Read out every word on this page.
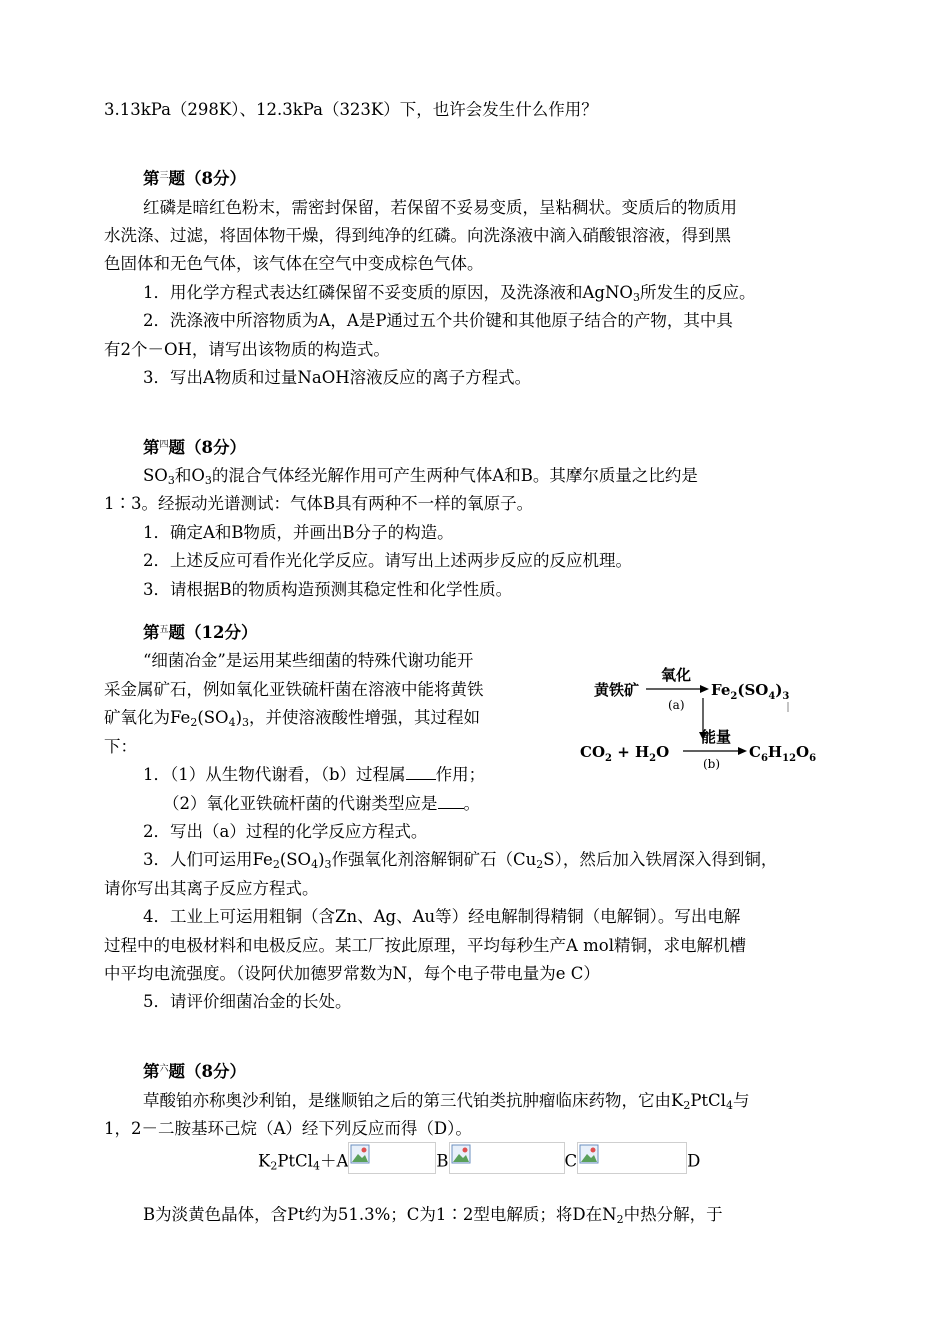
3.13kPa（298K）、12.3kPa（323K）下，也许会发生什么作用？
第$^三$题（8分）
红磷是暗红色粉末，需密封保留，若保留不妥易变质，呈粘稠状。变质后的物质用
水洗涤、过滤，将固体物干燥，得到纯净的红磷。向洗涤液中滴入硝酸银溶液，得到黑
色固体和无色气体，该气体在空气中变成棕色气体。
1．用化学方程式表达红磷保留不妥变质的原因，及洗涤液和AgNO$_3$所发生的反应。
2．洗涤液中所溶物质为A，A是P通过五个共价键和其他原子结合的产物，其中具
有2个－OH，请写出该物质的构造式。
3．写出A物质和过量NaOH溶液反应的离子方程式。
第$^四$题（8分）
$SO_3$和$O_3$的混合气体经光解作用可产生两种气体A和B。其摩尔质量之比约是
1∶3。经振动光谱测试：气体B具有两种不一样的氧原子。
1．确定A和B物质，并画出B分子的构造。
2．上述反应可看作光化学反应。请写出上述两步反应的反应机理。
3．请根据B的物质构造预测其稳定性和化学性质。
第$^五$题（12分）
“细菌冶金”是运用某些细菌的特殊代谢功能开
采金属矿石，例如氧化亚铁硫杆菌在溶液中能将黄铁
矿氧化为$Fe_2(SO_4)_3$，并使溶液酸性增强，其过程如
下：
黄铁矿
氧化
(a)
$Fe_2(SO_4)_3$
能量
$CO_2 + H_2O$
(b)
$C_6H_{12}O_6$
1．（1）从生物代谢看，（b）过程属 作用；
（2）氧化亚铁硫杆菌的代谢类型应是 。
2．写出（a）过程的化学反应方程式。
3．人们可运用$Fe_2(SO_4)_3$作强氧化剂溶解铜矿石$(Cu_2S)$，然后加入铁屑深入得到铜，
请你写出其离子反应方程式。
4．工业上可运用粗铜（含Zn、Ag、Au等）经电解制得精铜（电解铜）。写出电解
过程中的电极材料和电极反应。某工厂按此原理，平均每秒生产A mol精铜，求电解机槽
中平均电流强度。（设阿伏加德罗常数为N，每个电子带电量为e C）
5．请评价细菌冶金的长处。
第$^六$题（8分）
草酸铂亦称奥沙利铂，是继顺铂之后的第三代铂类抗肿瘤临床药物，它由$K_2PtCl_4$与
1，2－二胺基环己烷（A）经下列反应而得（D）。
$K_2PtCl_4+A$	B	C	D
B为淡黄色晶体，含Pt约为51.3%；C为1∶2型电解质；将D在$N_2$中热分解，于
